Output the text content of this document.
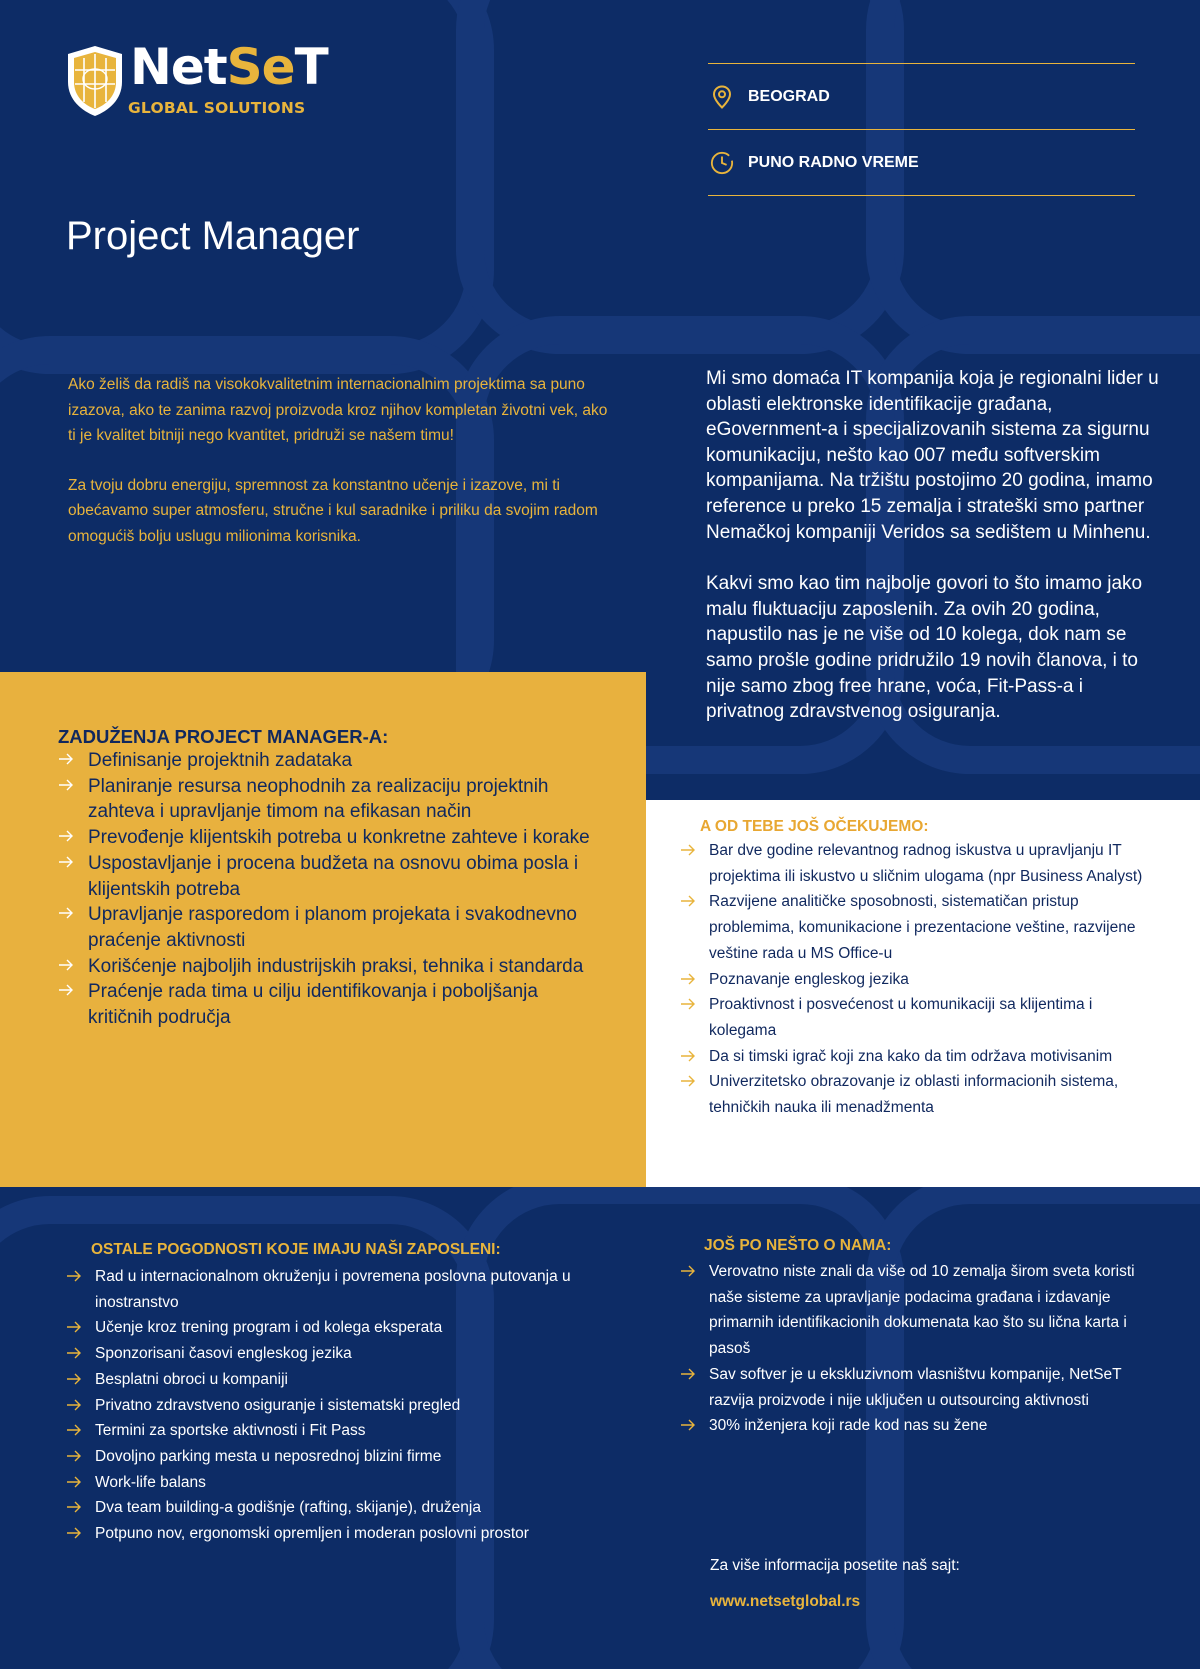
NetSeT
GLOBAL SOLUTIONS
BEOGRAD
PUNO RADNO VREME
Project Manager

Ako želiš da radiš na visokokvalitetnim internacionalnim projektima sa puno izazova, ako te zanima razvoj proizvoda kroz njihov kompletan životni vek, ako ti je kvalitet bitniji nego kvantitet, pridruži se našem timu!

Za tvoju dobru energiju, spremnost za konstantno učenje i izazove, mi ti obećavamo super atmosferu, stručne i kul saradnike i priliku da svojim radom omogućiš bolju uslugu milionima korisnika.

Mi smo domaća IT kompanija koja je regionalni lider u oblasti elektronske identifikacije građana, eGovernment-a i specijalizovanih sistema za sigurnu komunikaciju, nešto kao 007 među softverskim kompanijama. Na tržištu postojimo 20 godina, imamo reference u preko 15 zemalja i strateški smo partner Nemačkoj kompaniji Veridos sa sedištem u Minhenu.

Kakvi smo kao tim najbolje govori to što imamo jako malu fluktuaciju zaposlenih. Za ovih 20 godina, napustilo nas je ne više od 10 kolega, dok nam se samo prošle godine pridružilo 19 novih članova, i to nije samo zbog free hrane, voća, Fit-Pass-a i privatnog zdravstvenog osiguranja.

ZADUŽENJA PROJECT MANAGER-A:
Definisanje projektnih zadataka
Planiranje resursa neophodnih za realizaciju projektnih zahteva i upravljanje timom na efikasan način
Prevođenje klijentskih potreba u konkretne zahteve i korake
Uspostavljanje i procena budžeta na osnovu obima posla i klijentskih potreba
Upravljanje rasporedom i planom projekata i svakodnevno praćenje aktivnosti
Korišćenje najboljih industrijskih praksi, tehnika i standarda
Praćenje rada tima u cilju identifikovanja i poboljšanja kritičnih područja
A OD TEBE JOŠ OČEKUJEMO:
Bar dve godine relevantnog radnog iskustva u upravljanju IT projektima ili iskustvo u sličnim ulogama (npr Business Analyst)
Razvijene analitičke sposobnosti, sistematičan pristup problemima, komunikacione i prezentacione veštine, razvijene veštine rada u MS Office-u
Poznavanje engleskog jezika
Proaktivnost i posvećenost u komunikaciji sa klijentima i kolegama
Da si timski igrač koji zna kako da tim održava motivisanim
Univerzitetsko obrazovanje iz oblasti informacionih sistema, tehničkih nauka ili menadžmenta
OSTALE POGODNOSTI KOJE IMAJU NAŠI ZAPOSLENI:
Rad u internacionalnom okruženju i povremena poslovna putovanja u inostranstvo
Učenje kroz trening program i od kolega eksperata
Sponzorisani časovi engleskog jezika
Besplatni obroci u kompaniji
Privatno zdravstveno osiguranje i sistematski pregled
Termini za sportske aktivnosti i Fit Pass
Dovoljno parking mesta u neposrednoj blizini firme
Work-life balans
Dva team building-a godišnje (rafting, skijanje), druženja
Potpuno nov, ergonomski opremljen i moderan poslovni prostor
JOŠ PO NEŠTO O NAMA:
Verovatno niste znali da više od 10 zemalja širom sveta koristi naše sisteme za upravljanje podacima građana i izdavanje primarnih identifikacionih dokumenata kao što su lična karta i pasoš
Sav softver je u ekskluzivnom vlasništvu kompanije, NetSeT razvija proizvode i nije uključen u outsourcing aktivnosti
30% inženjera koji rade kod nas su žene
Za više informacija posetite naš sajt:
www.netsetglobal.rs
